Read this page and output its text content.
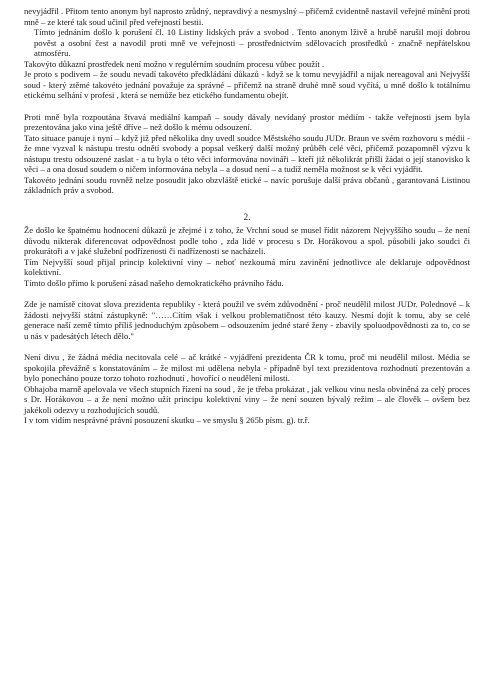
nevyjádřil . Přitom tento anonym byl naprosto zrůdný, nepravdivý a nesmyslný – přičemž cvidentně nastavil veřejné mínění proti mně – ze které tak soud učinil před veřejností bestii.

Tímto jednáním došlo k porušení čl. 10 Listiny lidských práv a svobod . Tento anonym lživě a hrubě narušil mojí dobrou pověst a osobní čest a navodil proti mně ve veřejnosti – prostřednictvím sdělovacích prostředků - značně nepřátelskou atmosféru.

Takovýto důkazní prostředek není možno v regulérním soudním procesu vůbec použít .

Je proto s podivem – že soudu nevadí takovéto předkládání důkazů - když se k tomu nevyjádřil a nijak nereagoval ani Nejvyšší soud - který ztěmé takovéto jednání považuje za správné – přičemž na straně druhé mně soud vyčítá, u mně došlo k totálnímu etickému selhání v profesi , která se nemůže bez etického fundamentu obejít.

Proti mně byla rozpoutána štvavá mediální kampaň – soudy dávaly nevídaný prostor médiím - takže veřejnosti jsem byla prezentována jako vina ještě dříve – než došlo k mému odsouzení.

Tato situace panuje i nyní – když již před několika dny uvedl soudce Městského soudu JUDr. Braun ve svém rozhovoru s médii - že mne vyzval k nástupu trestu odnětí svobody a popsal veškerý další možný průběh celé věci, přičemž pozapomněl výzvu k nástupu trestu odsouzené zaslat - a tu byla o této věci informována novináři – kteří již několikrát přišli žádat o její stanovisko k věci – a ona dosud soudem o ničem informována nebyla – a dosud není – a tudíž neměla možnost se k věci vyjádřit.

Takovéto jednání soudu rovněž nelze posoudit jako obzvláště etické – navíc porušuje další práva občanů , garantovaná Listinou základních práv a svobod.

2.

Že došlo ke špatnému hodnocení důkazů je zřejmé i z toho, že Vrchní soud se musel řídit názorem Nejvyššího soudu – že není důvodu nikterak diferencovat odpovědnost podle toho , zda lidé v procesu s Dr. Horákovou a spol. působili jako soudci či prokurátoři a v jaké služební podřízenosti či nadřízenosti se nacházeli.

Tím Nejvyšší soud přijal princip kolektivní viny – neboť nezkoumá míru zavinění jednotlivce ale deklaruje odpovědnost kolektivní.

Tímto došlo přímo k porušení zásad našeho demokratického právního řádu.

Zde je namístě citovat slova prezidenta republiky - která použil ve svém zdůvodnění - proč neudělil milost JUDr. Polednové – k žádosti nejvyšší státní zástupkyně: "……Cítím však i velkou problematičnost této kauzy. Nesmí dojít k tomu, aby se celé generace naší země tímto příliš jednoduchým způsobem – odsouzením jedné staré ženy - zbavily spoluodpovědnosti za to, co se u nás v padesátých létech dělo."

Není divu , že žádná média necitovala celé – ač krátké - vyjádření prezidenta ČR k tomu, proč mi neudělil milost. Média se spokojila převážně s konstatováním – že milost mi udělena nebyla - případně byl text prezidentova rozhodnutí prezentován a bylo ponecháno pouze torzo tohoto rozhodnutí , hovořící o neudělení milosti.

Obhajoba marně apelovala ve všech stupních řízení na soud , že je třeba prokázat , jak velkou vinu nesla obviněná za celý proces s Dr. Horákovou – a že není možno užít principu kolektivní viny – že není souzen bývalý režim – ale člověk – ovšem bez jakékoli odezvy u rozhodujících soudů.

I v tom vidím nesprávné právní posouzení skutku – ve smyslu § 265b písm. g). tr.ř.
